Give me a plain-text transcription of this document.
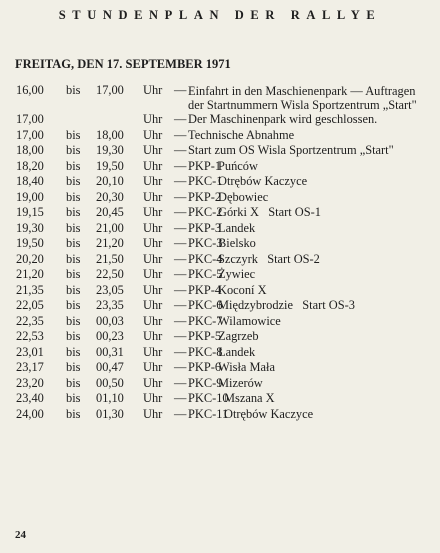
STUNDENPLAN DER RALLYE
FREITAG, DEN 17. SEPTEMBER 1971
16,00 bis 17,00 Uhr — Einfahrt in den Maschienenpark — Auftragen der Startnummern Wisla Sportzentrum „Start"
17,00	Uhr — Der Maschinenpark wird geschlossen.
17,00 bis 18,00 Uhr — Technische Abnahme
18,00 bis 19,30 Uhr — Start zum OS Wisla Sportzentrum „Start"
18,20 bis 19,50 Uhr — PKP-1
Puńców
18,40 bis 20,10 Uhr — PKC-1
Otrębów Kaczyce
19,00 bis 20,30 Uhr — PKP-2
Dębowiec
19,15 bis 20,45 Uhr — PKC-2
Górki X   Start OS-1
19,30 bis 21,00 Uhr — PKP-3
Landek
19,50 bis 21,20 Uhr — PKC-3
Bielsko
20,20 bis 21,50 Uhr — PKC-4
Szczyrk   Start OS-2
21,20 bis 22,50 Uhr — PKC-5
Żywiec
21,35 bis 23,05 Uhr — PKP-4
Koconí X
22,05 bis 23,35 Uhr — PKC-6
Międzybrodzie   Start OS-3
22,35 bis 00,03 Uhr — PKC-7
Wilamowice
22,53 bis 00,23 Uhr — PKP-5
Zagrzeb
23,01 bis 00,31 Uhr — PKC-8
Landek
23,17 bis 00,47 Uhr — PKP-6
Wisła Mała
23,20 bis 00,50 Uhr — PKC-9
Mizerów
23,40 bis 01,10 Uhr — PKC-10
Mszana X
24,00 bis 01,30 Uhr — PKC-11
Otrębów Kaczyce
24
